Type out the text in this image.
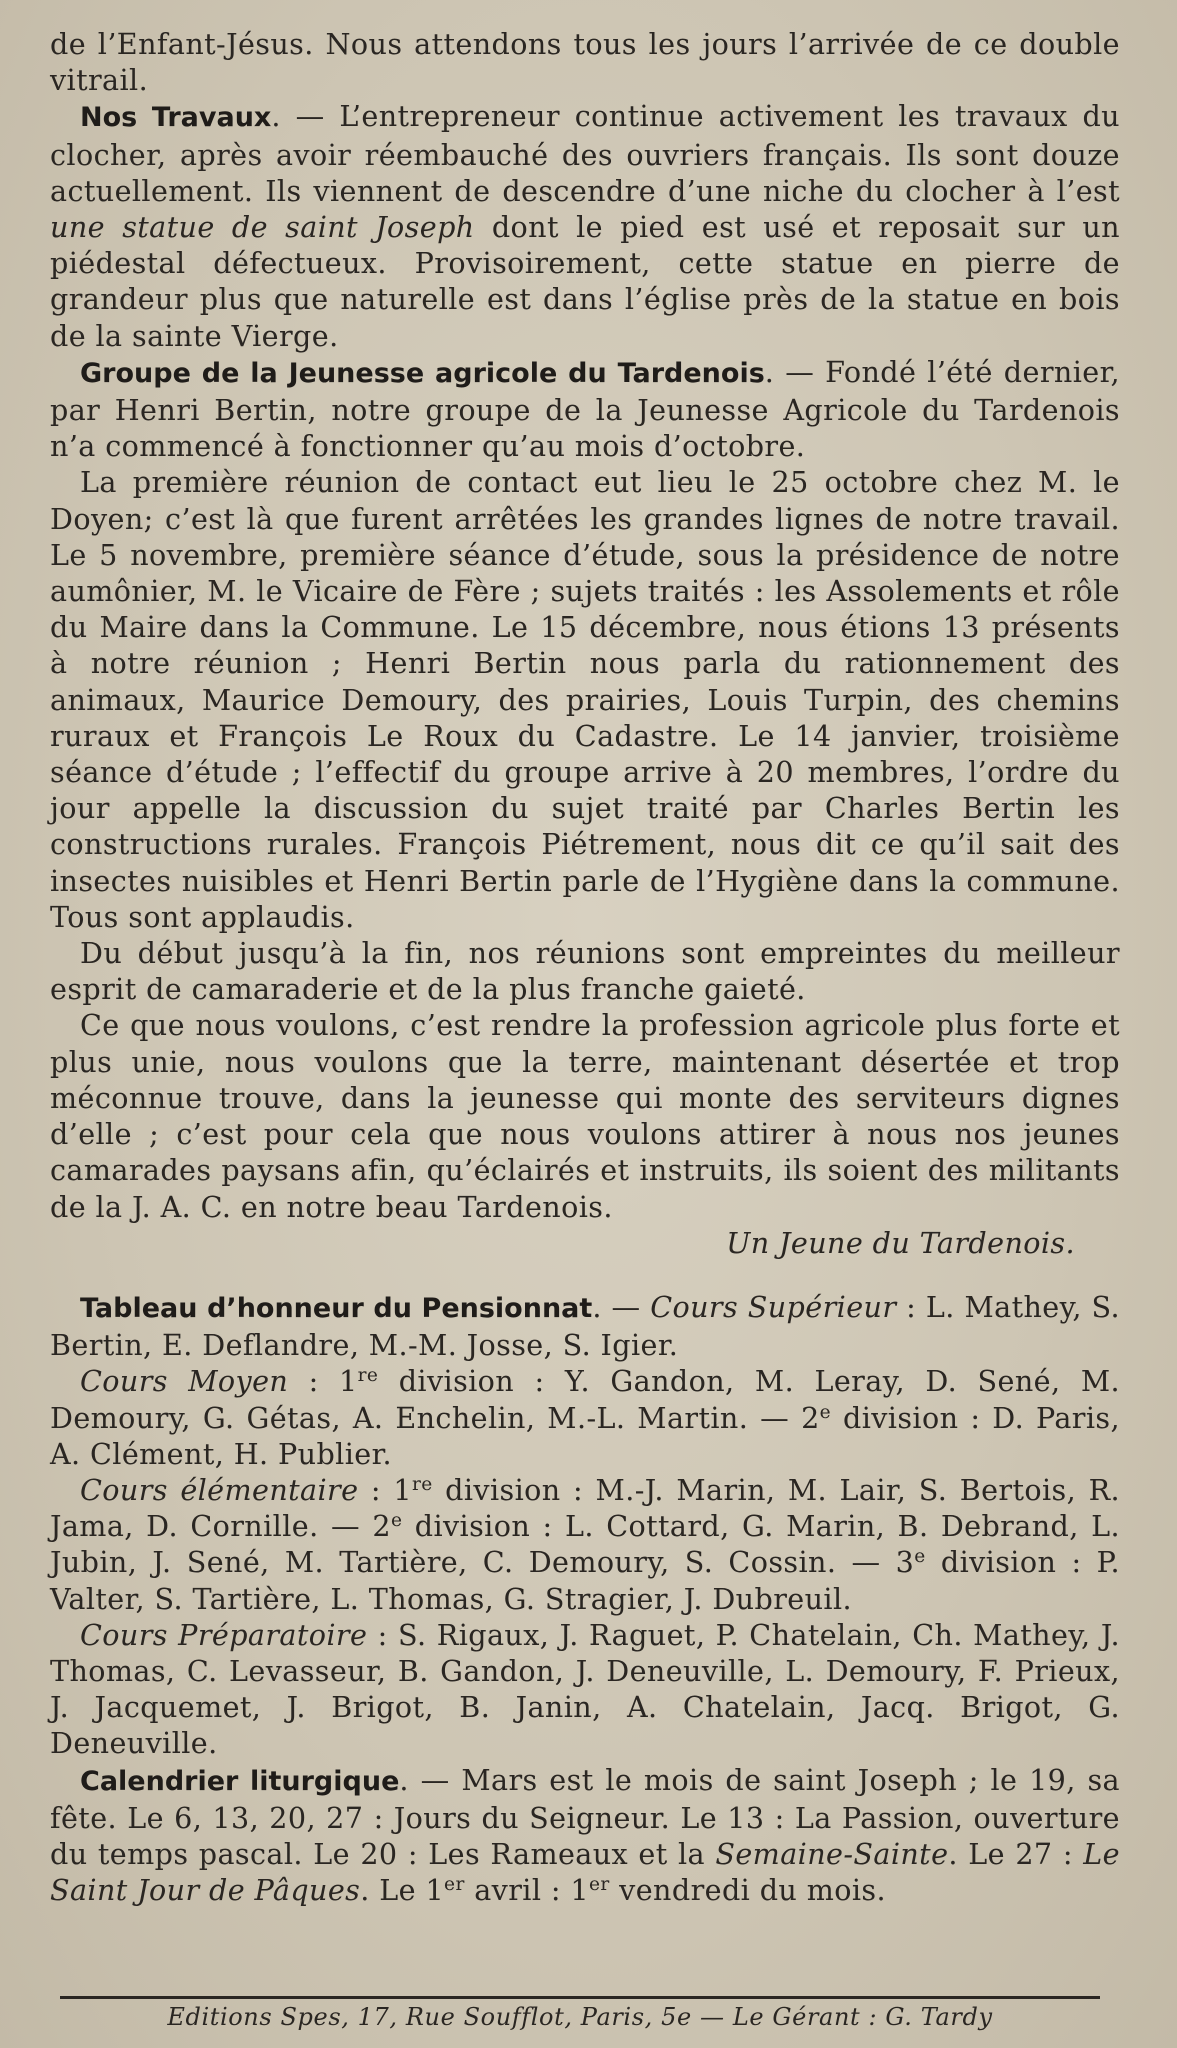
de l’Enfant-Jésus. Nous attendons tous les jours l’arrivée de ce double vitrail.

Nos Travaux. — L’entrepreneur continue activement les travaux du clocher, après avoir réembauché des ouvriers français. Ils sont douze actuellement. Ils viennent de descendre d’une niche du clocher à l’est une statue de saint Joseph dont le pied est usé et reposait sur un piédestal défectueux. Provisoirement, cette statue en pierre de grandeur plus que naturelle est dans l’église près de la statue en bois de la sainte Vierge.

Groupe de la Jeunesse agricole du Tardenois. — Fondé l’été dernier, par Henri Bertin, notre groupe de la Jeunesse Agricole du Tardenois n’a commencé à fonctionner qu’au mois d’octobre.

La première réunion de contact eut lieu le 25 octobre chez M. le Doyen; c’est là que furent arrêtées les grandes lignes de notre travail. Le 5 novembre, première séance d’étude, sous la présidence de notre aumônier, M. le Vicaire de Fère ; sujets traités : les Assolements et rôle du Maire dans la Commune. Le 15 décembre, nous étions 13 présents à notre réunion ; Henri Bertin nous parla du rationnement des animaux, Maurice Demoury, des prairies, Louis Turpin, des chemins ruraux et François Le Roux du Cadastre. Le 14 janvier, troisième séance d’étude ; l’effectif du groupe arrive à 20 membres, l’ordre du jour appelle la discussion du sujet traité par Charles Bertin les constructions rurales. François Piétrement, nous dit ce qu’il sait des insectes nuisibles et Henri Bertin parle de l’Hygiène dans la commune. Tous sont applaudis.

Du début jusqu’à la fin, nos réunions sont empreintes du meilleur esprit de camaraderie et de la plus franche gaieté.

Ce que nous voulons, c’est rendre la profession agricole plus forte et plus unie, nous voulons que la terre, maintenant désertée et trop méconnue trouve, dans la jeunesse qui monte des serviteurs dignes d’elle ; c’est pour cela que nous voulons attirer à nous nos jeunes camarades paysans afin, qu’éclairés et instruits, ils soient des militants de la J. A. C. en notre beau Tardenois.

Un Jeune du Tardenois.

Tableau d’honneur du Pensionnat. — Cours Supérieur : L. Mathey, S. Bertin, E. Deflandre, M.-M. Josse, S. Igier.

Cours Moyen : 1re division : Y. Gandon, M. Leray, D. Sené, M. Demoury, G. Gétas, A. Enchelin, M.-L. Martin. — 2e division : D. Paris, A. Clément, H. Publier.

Cours élémentaire : 1re division : M.-J. Marin, M. Lair, S. Bertois, R. Jama, D. Cornille. — 2e division : L. Cottard, G. Marin, B. Debrand, L. Jubin, J. Sené, M. Tartière, C. Demoury, S. Cossin. — 3e division : P. Valter, S. Tartière, L. Thomas, G. Stragier, J. Dubreuil.

Cours Préparatoire : S. Rigaux, J. Raguet, P. Chatelain, Ch. Mathey, J. Thomas, C. Levasseur, B. Gandon, J. Deneuville, L. Demoury, F. Prieux, J. Jacquemet, J. Brigot, B. Janin, A. Chatelain, Jacq. Brigot, G. Deneuville.

Calendrier liturgique. — Mars est le mois de saint Joseph ; le 19, sa fête. Le 6, 13, 20, 27 : Jours du Seigneur. Le 13 : La Passion, ouverture du temps pascal. Le 20 : Les Rameaux et la Semaine-Sainte. Le 27 : Le Saint Jour de Pâques. Le 1er avril : 1er vendredi du mois.

Editions Spes, 17, Rue Soufflot, Paris, 5e — Le Gérant : G. Tardy
